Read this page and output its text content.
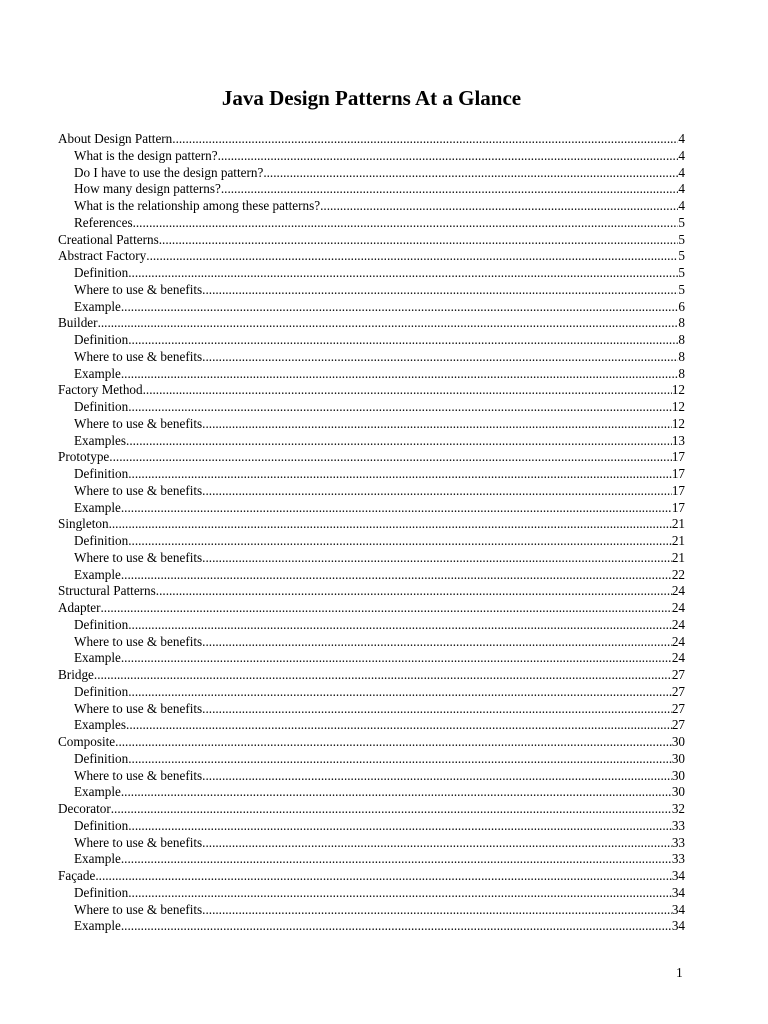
Java Design Patterns At a Glance
About Design Pattern .....	4
What is the design pattern? .....	4
Do I have to use the design pattern? .....	4
How many design patterns? .....	4
What is the relationship among these patterns? .....	4
References .....	5
Creational Patterns .....	5
Abstract Factory .....	5
Definition .....	5
Where to use & benefits .....	5
Example .....	6
Builder .....	8
Definition .....	8
Where to use & benefits .....	8
Example .....	8
Factory Method .....	12
Definition .....	12
Where to use & benefits .....	12
Examples .....	13
Prototype .....	17
Definition .....	17
Where to use & benefits .....	17
Example .....	17
Singleton .....	21
Definition .....	21
Where to use & benefits .....	21
Example .....	22
Structural Patterns .....	24
Adapter .....	24
Definition .....	24
Where to use & benefits .....	24
Example .....	24
Bridge .....	27
Definition .....	27
Where to use & benefits .....	27
Examples .....	27
Composite .....	30
Definition .....	30
Where to use & benefits .....	30
Example .....	30
Decorator .....	32
Definition .....	33
Where to use & benefits .....	33
Example .....	33
Façade .....	34
Definition .....	34
Where to use & benefits .....	34
Example .....	34
1
